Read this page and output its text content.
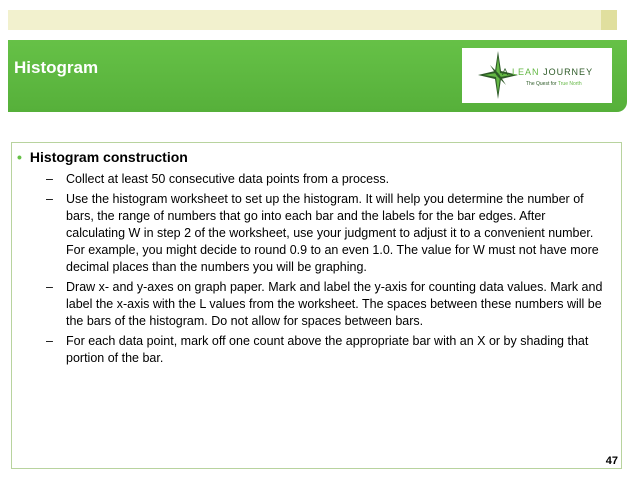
Histogram	A LEAN JOURNEY
The Quest for True North
• Histogram construction
– Collect at least 50 consecutive data points from a process.
– Use the histogram worksheet to set up the histogram. It will help you determine the number of bars, the range of numbers that go into each bar and the labels for the bar edges. After calculating W in step 2 of the worksheet, use your judgment to adjust it to a convenient number. For example, you might decide to round 0.9 to an even 1.0. The value for W must not have more decimal places than the numbers you will be graphing.
– Draw x- and y-axes on graph paper. Mark and label the y-axis for counting data values. Mark and label the x-axis with the L values from the worksheet. The spaces between these numbers will be the bars of the histogram. Do not allow for spaces between bars.
– For each data point, mark off one count above the appropriate bar with an X or by shading that portion of the bar.
47
